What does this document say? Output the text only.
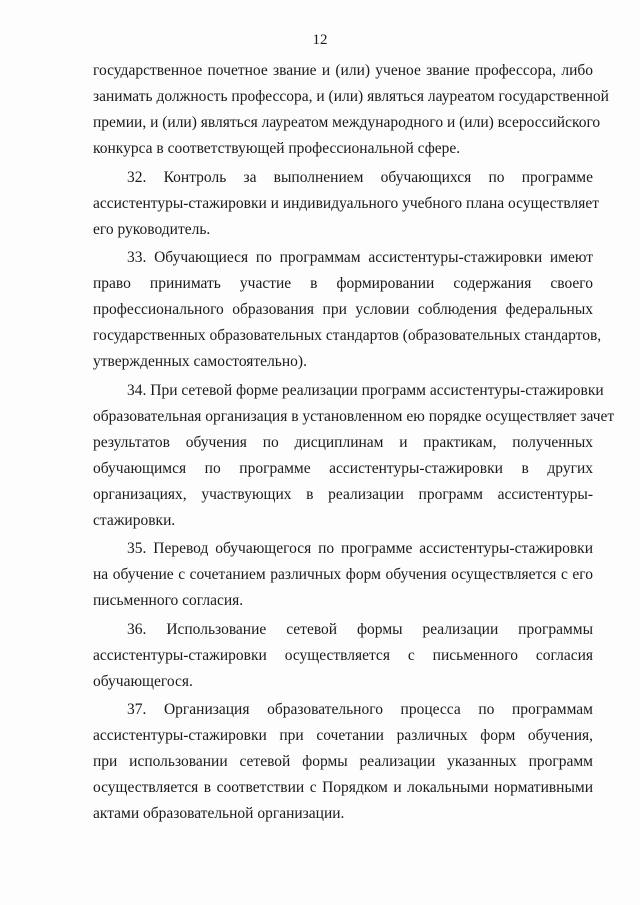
12
государственное почетное звание и (или) ученое звание профессора, либо
занимать должность профессора, и (или) являться лауреатом государственной
премии, и (или) являться лауреатом международного и (или) всероссийского
конкурса в соответствующей профессиональной сфере.
32. Контроль за выполнением обучающихся по программе
ассистентуры-стажировки и индивидуального учебного плана осуществляет
его руководитель.
33. Обучающиеся по программам ассистентуры-стажировки имеют
право принимать участие в формировании содержания своего
профессионального образования при условии соблюдения федеральных
государственных образовательных стандартов (образовательных стандартов,
утвержденных самостоятельно).
34. При сетевой форме реализации программ ассистентуры-стажировки
образовательная организация в установленном ею порядке осуществляет зачет
результатов обучения по дисциплинам и практикам, полученных
обучающимся по программе ассистентуры-стажировки в других
организациях, участвующих в реализации программ ассистентуры-
стажировки.
35. Перевод обучающегося по программе ассистентуры-стажировки
на обучение с сочетанием различных форм обучения осуществляется с его
письменного согласия.
36. Использование сетевой формы реализации программы
ассистентуры-стажировки осуществляется с письменного согласия
обучающегося.
37. Организация образовательного процесса по программам
ассистентуры-стажировки при сочетании различных форм обучения,
при использовании сетевой формы реализации указанных программ
осуществляется в соответствии с Порядком и локальными нормативными
актами образовательной организации.
